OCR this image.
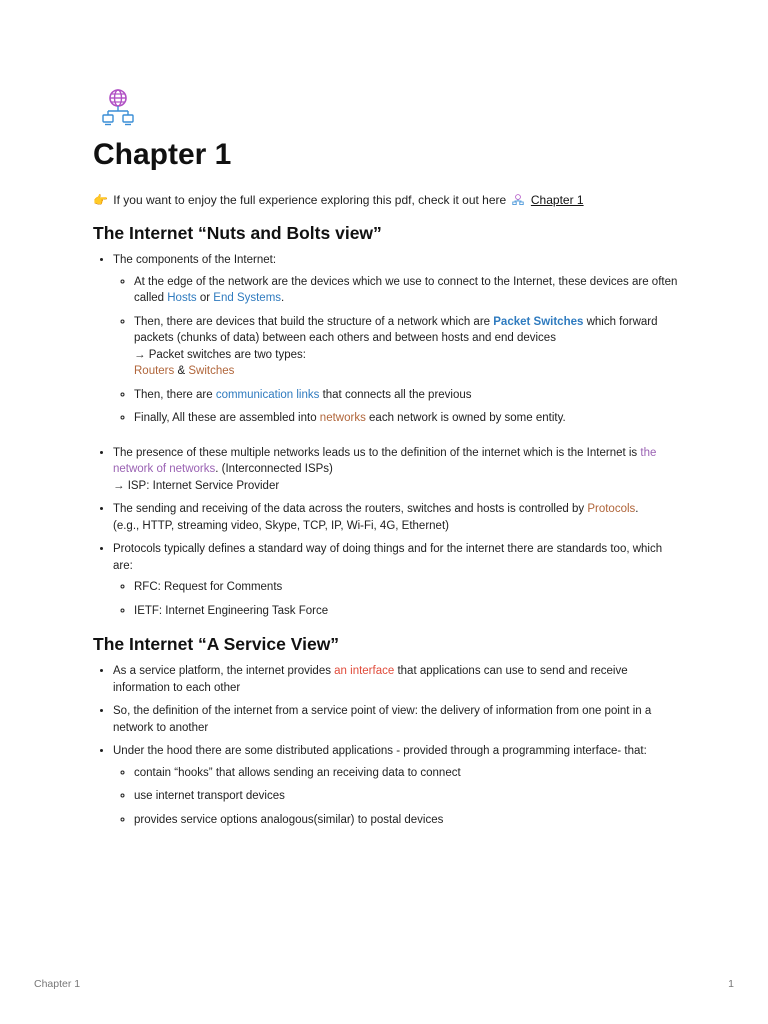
Chapter 1
👉 If you want to enjoy the full experience exploring this pdf, check it out here Chapter 1
The Internet “Nuts and Bolts view”
• The components of the Internet:
◦ At the edge of the network are the devices which we use to connect to the Internet, these devices are often called Hosts or End Systems.
◦ Then, there are devices that build the structure of a network which are Packet Switches which forward packets (chunks of data) between each others and between hosts and end devices
→ Packet switches are two types:
Routers & Switches
◦ Then, there are communication links that connects all the previous
◦ Finally, All these are assembled into networks each network is owned by some entity.
• The presence of these multiple networks leads us to the definition of the internet which is the Internet is the network of networks. (Interconnected ISPs)
→ ISP: Internet Service Provider
• The sending and receiving of the data across the routers, switches and hosts is controlled by Protocols.
(e.g., HTTP, streaming video, Skype, TCP, IP, Wi-Fi, 4G, Ethernet)
• Protocols typically defines a standard way of doing things and for the internet there are standards too, which are:
◦ RFC: Request for Comments
◦ IETF: Internet Engineering Task Force
The Internet “A Service View”
• As a service platform, the internet provides an interface that applications can use to send and receive information to each other
• So, the definition of the internet from a service point of view: the delivery of information from one point in a network to another
• Under the hood there are some distributed applications - provided through a programming interface- that:
◦ contain “hooks” that allows sending an receiving data to connect
◦ use internet transport devices
◦ provides service options analogous(similar) to postal devices
Chapter 1	1
